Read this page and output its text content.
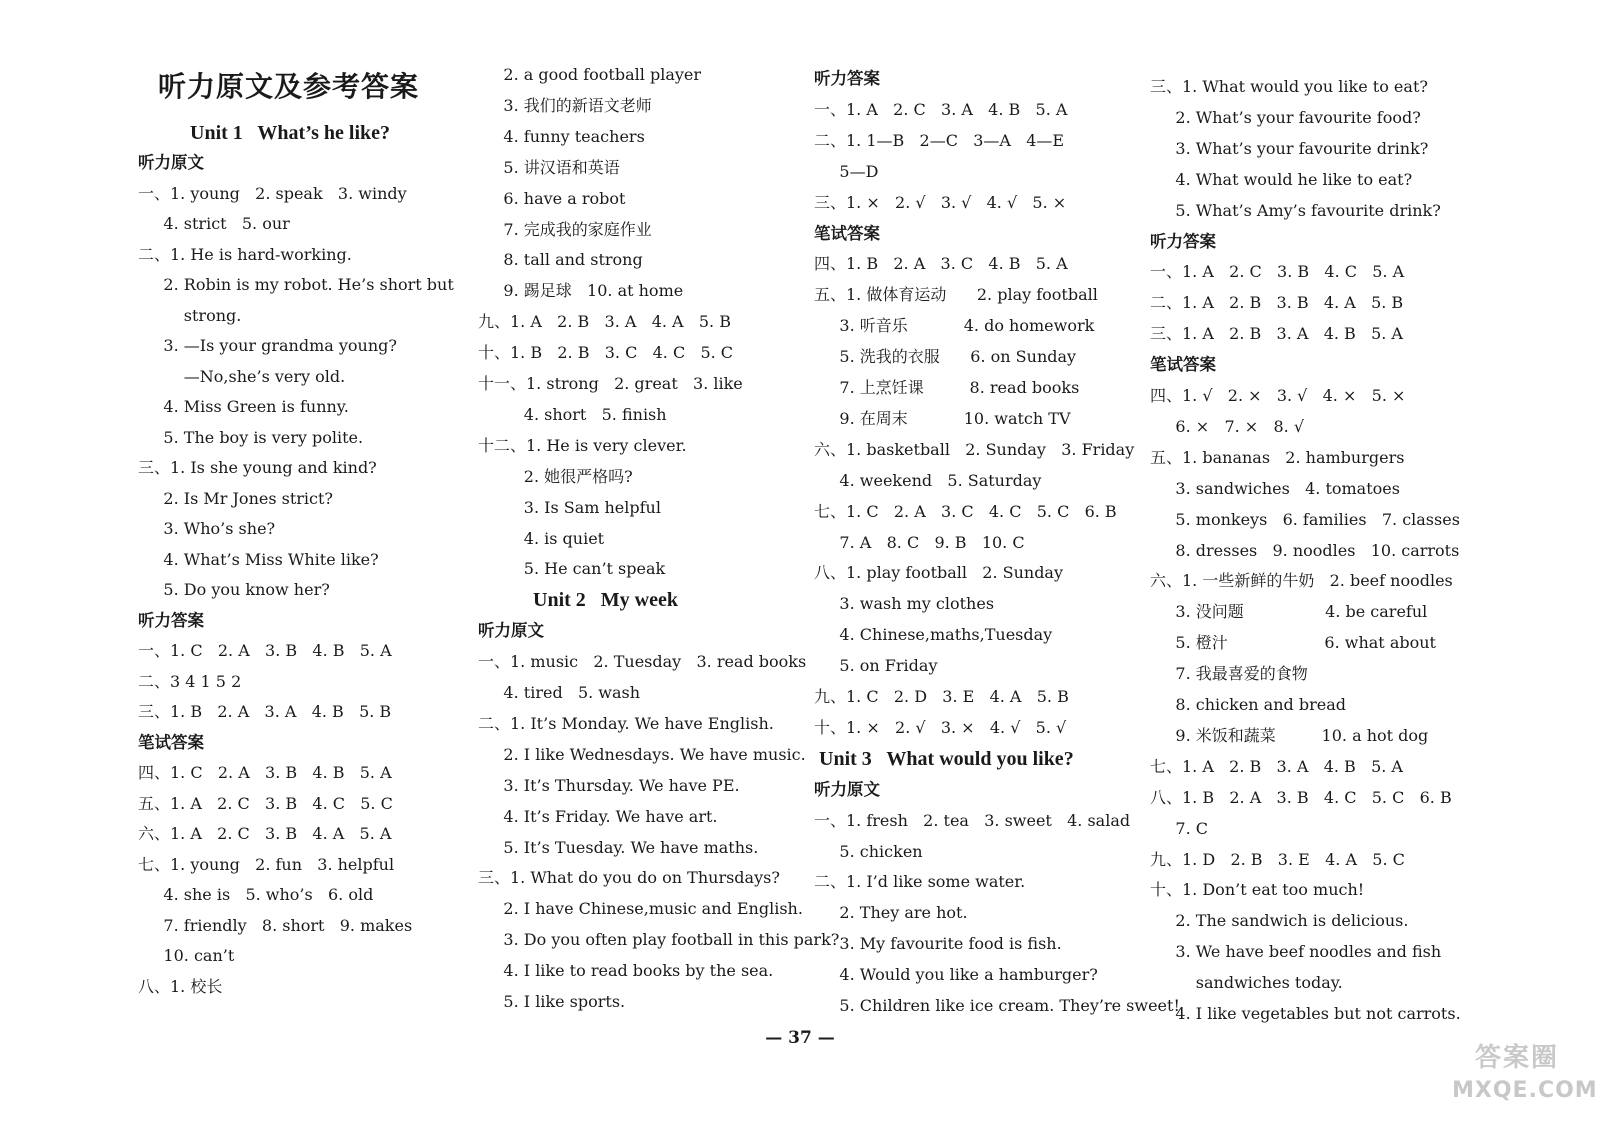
听力原文及参考答案
Unit 1   What’s he like?
听力原文
一、1. young   2. speak   3. windy
4. strict   5. our
二、1. He is hard-working.
2. Robin is my robot. He’s short but
strong.
3. —Is your grandma young?
—No,she’s very old.
4. Miss Green is funny.
5. The boy is very polite.
三、1. Is she young and kind?
2. Is Mr Jones strict?
3. Who’s she?
4. What’s Miss White like?
5. Do you know her?
听力答案
一、1. C   2. A   3. B   4. B   5. A
二、3 4 1 5 2
三、1. B   2. A   3. A   4. B   5. B
笔试答案
四、1. C   2. A   3. B   4. B   5. A
五、1. A   2. C   3. B   4. C   5. C
六、1. A   2. C   3. B   4. A   5. A
七、1. young   2. fun   3. helpful
4. she is   5. who’s   6. old
7. friendly   8. short   9. makes
10. can’t
八、1. 校长
2. a good football player
3. 我们的新语文老师
4. funny teachers
5. 讲汉语和英语
6. have a robot
7. 完成我的家庭作业
8. tall and strong
9. 踢足球   10. at home
九、1. A   2. B   3. A   4. A   5. B
十、1. B   2. B   3. C   4. C   5. C
十一、1. strong   2. great   3. like
4. short   5. finish
十二、1. He is very clever.
2. 她很严格吗?
3. Is Sam helpful
4. is quiet
5. He can’t speak
Unit 2   My week
听力原文
一、1. music   2. Tuesday   3. read books
4. tired   5. wash
二、1. It’s Monday. We have English.
2. I like Wednesdays. We have music.
3. It’s Thursday. We have PE.
4. It’s Friday. We have art.
5. It’s Tuesday. We have maths.
三、1. What do you do on Thursdays?
2. I have Chinese,music and English.
3. Do you often play football in this park?
4. I like to read books by the sea.
5. I like sports.
听力答案
一、1. A   2. C   3. A   4. B   5. A
二、1. 1—B   2—C   3—A   4—E
5—D
三、1. ×   2. √   3. √   4. √   5. ×
笔试答案
四、1. B   2. A   3. C   4. B   5. A
五、1. 做体育运动      2. play football
3. 听音乐           4. do homework
5. 洗我的衣服      6. on Sunday
7. 上烹饪课         8. read books
9. 在周末           10. watch TV
六、1. basketball   2. Sunday   3. Friday
4. weekend   5. Saturday
七、1. C   2. A   3. C   4. C   5. C   6. B
7. A   8. C   9. B   10. C
八、1. play football   2. Sunday
3. wash my clothes
4. Chinese,maths,Tuesday
5. on Friday
九、1. C   2. D   3. E   4. A   5. B
十、1. ×   2. √   3. ×   4. √   5. √
Unit 3   What would you like?
听力原文
一、1. fresh   2. tea   3. sweet   4. salad
5. chicken
二、1. I’d like some water.
2. They are hot.
3. My favourite food is fish.
4. Would you like a hamburger?
5. Children like ice cream. They’re sweet!
三、1. What would you like to eat?
2. What’s your favourite food?
3. What’s your favourite drink?
4. What would he like to eat?
5. What’s Amy’s favourite drink?
听力答案
一、1. A   2. C   3. B   4. C   5. A
二、1. A   2. B   3. B   4. A   5. B
三、1. A   2. B   3. A   4. B   5. A
笔试答案
四、1. √   2. ×   3. √   4. ×   5. ×
6. ×   7. ×   8. √
五、1. bananas   2. hamburgers
3. sandwiches   4. tomatoes
5. monkeys   6. families   7. classes
8. dresses   9. noodles   10. carrots
六、1. 一些新鲜的牛奶   2. beef noodles
3. 没问题                4. be careful
5. 橙汁                   6. what about
7. 我最喜爱的食物
8. chicken and bread
9. 米饭和蔬菜         10. a hot dog
七、1. A   2. B   3. A   4. B   5. A
八、1. B   2. A   3. B   4. C   5. C   6. B
7. C
九、1. D   2. B   3. E   4. A   5. C
十、1. Don’t eat too much!
2. The sandwich is delicious.
3. We have beef noodles and fish
sandwiches today.
4. I like vegetables but not carrots.
— 37 —
答案圈
MXQE.COM
